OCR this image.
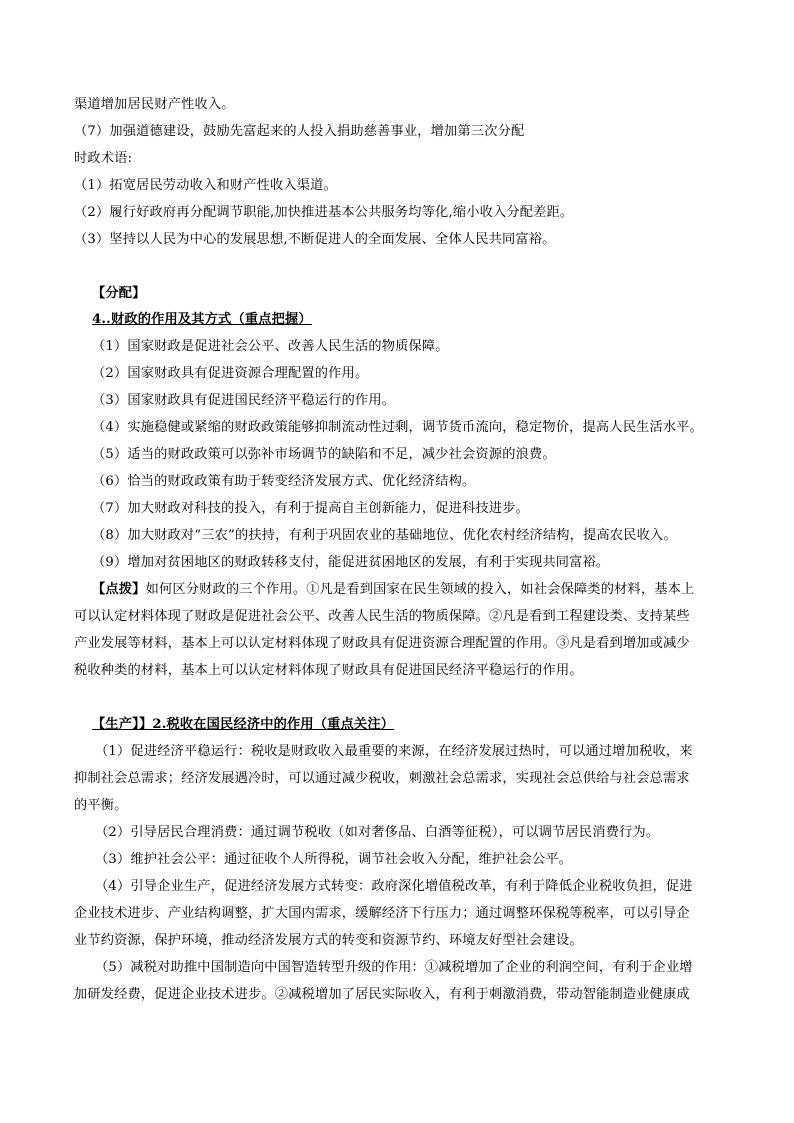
渠道增加居民财产性收入。
（7）加强道德建设，鼓励先富起来的人投入捐助慈善事业，增加第三次分配
时政术语:
（1）拓宽居民劳动收入和财产性收入渠道。
（2）履行好政府再分配调节职能,加快推进基本公共服务均等化,缩小收入分配差距。
（3）坚持以人民为中心的发展思想,不断促进人的全面发展、全体人民共同富裕。
【分配】
4..财政的作用及其方式（重点把握）
（1）国家财政是促进社会公平、改善人民生活的物质保障。
（2）国家财政具有促进资源合理配置的作用。
（3）国家财政具有促进国民经济平稳运行的作用。
（4）实施稳健或紧缩的财政政策能够抑制流动性过剩，调节货币流向，稳定物价，提高人民生活水平。
（5）适当的财政政策可以弥补市场调节的缺陷和不足，减少社会资源的浪费。
（6）恰当的财政政策有助于转变经济发展方式、优化经济结构。
（7）加大财政对科技的投入，有利于提高自主创新能力，促进科技进步。
（8）加大财政对“三农”的扶持，有利于巩固农业的基础地位、优化农村经济结构，提高农民收入。
（9）增加对贫困地区的财政转移支付，能促进贫困地区的发展，有利于实现共同富裕。
【点拨】如何区分财政的三个作用。①凡是看到国家在民生领域的投入，如社会保障类的材料，基本上
可以认定材料体现了财政是促进社会公平、改善人民生活的物质保障。②凡是看到工程建设类、支持某些
产业发展等材料，基本上可以认定材料体现了财政具有促进资源合理配置的作用。③凡是看到增加或减少
税收种类的材料，基本上可以认定材料体现了财政具有促进国民经济平稳运行的作用。
【生产】】2.税收在国民经济中的作用（重点关注）
（1）促进经济平稳运行：税收是财政收入最重要的来源，在经济发展过热时，可以通过增加税收，来
抑制社会总需求；经济发展遇冷时，可以通过减少税收，刺激社会总需求，实现社会总供给与社会总需求
的平衡。
（2）引导居民合理消费：通过调节税收（如对奢侈品、白酒等征税），可以调节居民消费行为。
（3）维护社会公平：通过征收个人所得税，调节社会收入分配，维护社会公平。
（4）引导企业生产，促进经济发展方式转变：政府深化增值税改革，有利于降低企业税收负担，促进
企业技术进步、产业结构调整，扩大国内需求，缓解经济下行压力；通过调整环保税等税率，可以引导企
业节约资源，保护环境，推动经济发展方式的转变和资源节约、环境友好型社会建设。
（5）减税对助推中国制造向中国智造转型升级的作用：①减税增加了企业的利润空间，有利于企业增
加研发经费，促进企业技术进步。②减税增加了居民实际收入，有利于刺激消费，带动智能制造业健康成
